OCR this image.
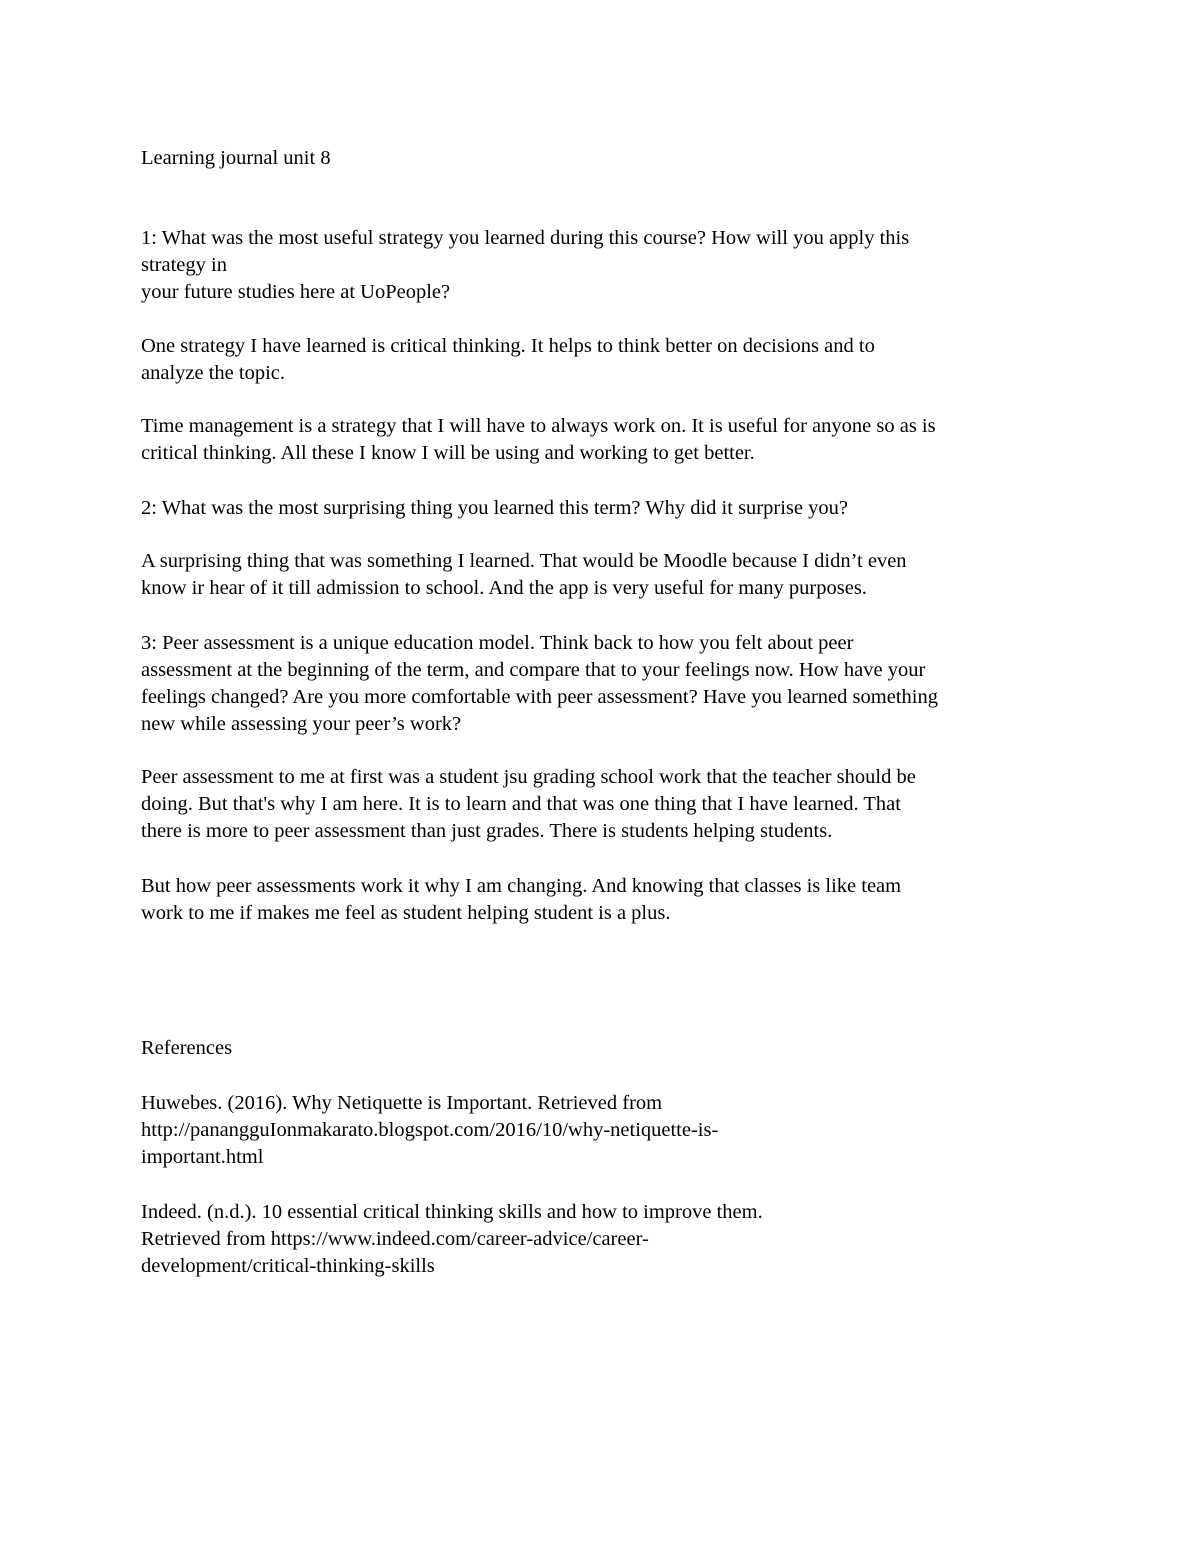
Learning journal unit 8

1: What was the most useful strategy you learned during this course? How will you apply this
strategy in
your future studies here at UoPeople?

One strategy I have learned is critical thinking. It helps to think better on decisions and to
analyze the topic.

Time management is a strategy that I will have to always work on. It is useful for anyone so as is
critical thinking. All these I know I will be using and working to get better.

2: What was the most surprising thing you learned this term? Why did it surprise you?

A surprising thing that was something I learned. That would be Moodle because I didn’t even
know ir hear of it till admission to school. And the app is very useful for many purposes.

3: Peer assessment is a unique education model. Think back to how you felt about peer
assessment at the beginning of the term, and compare that to your feelings now. How have your
feelings changed? Are you more comfortable with peer assessment? Have you learned something
new while assessing your peer’s work?

Peer assessment to me at first was a student jsu grading school work that the teacher should be
doing. But that's why I am here. It is to learn and that was one thing that I have learned. That
there is more to peer assessment than just grades. There is students helping students.

But how peer assessments work it why I am changing. And knowing that classes is like team
work to me if makes me feel as student helping student is a plus.

References

Huwebes. (2016). Why Netiquette is Important. Retrieved from
http://panangguIonmakarato.blogspot.com/2016/10/why-netiquette-is-
important.html

Indeed. (n.d.). 10 essential critical thinking skills and how to improve them.
Retrieved from https://www.indeed.com/career-advice/career-
development/critical-thinking-skills
